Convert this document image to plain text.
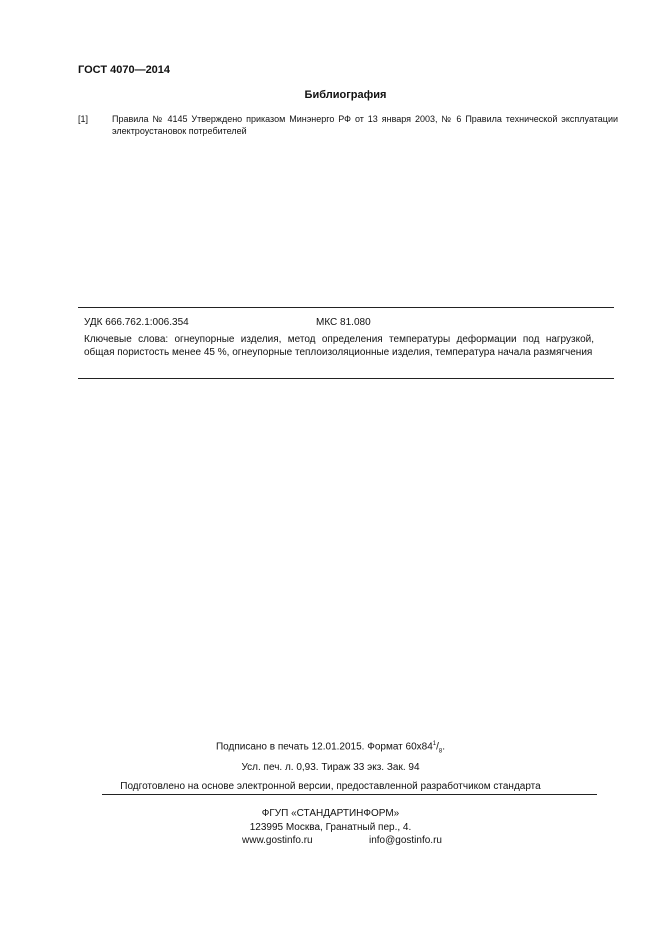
ГОСТ 4070—2014
Библиография
[1]	Правила № 4145 Утверждено приказом Минэнерго РФ от 13 января 2003, № 6 Правила технической эксплуатации электроустановок потребителей
УДК 666.762.1:006.354	МКС 81.080
Ключевые слова: огнеупорные изделия, метод определения температуры деформации под нагрузкой, общая пористость менее 45 %, огнеупорные теплоизоляционные изделия, температура начала размягчения
Подписано в печать 12.01.2015. Формат $60х84^1/_8$.
Усл. печ. л. 0,93. Тираж 33 экз. Зак. 94
Подготовлено на основе электронной версии, предоставленной разработчиком стандарта
ФГУП «СТАНДАРТИНФОРМ»
123995 Москва, Гранатный пер., 4.
www.gostinfo.ru	info@gostinfo.ru
